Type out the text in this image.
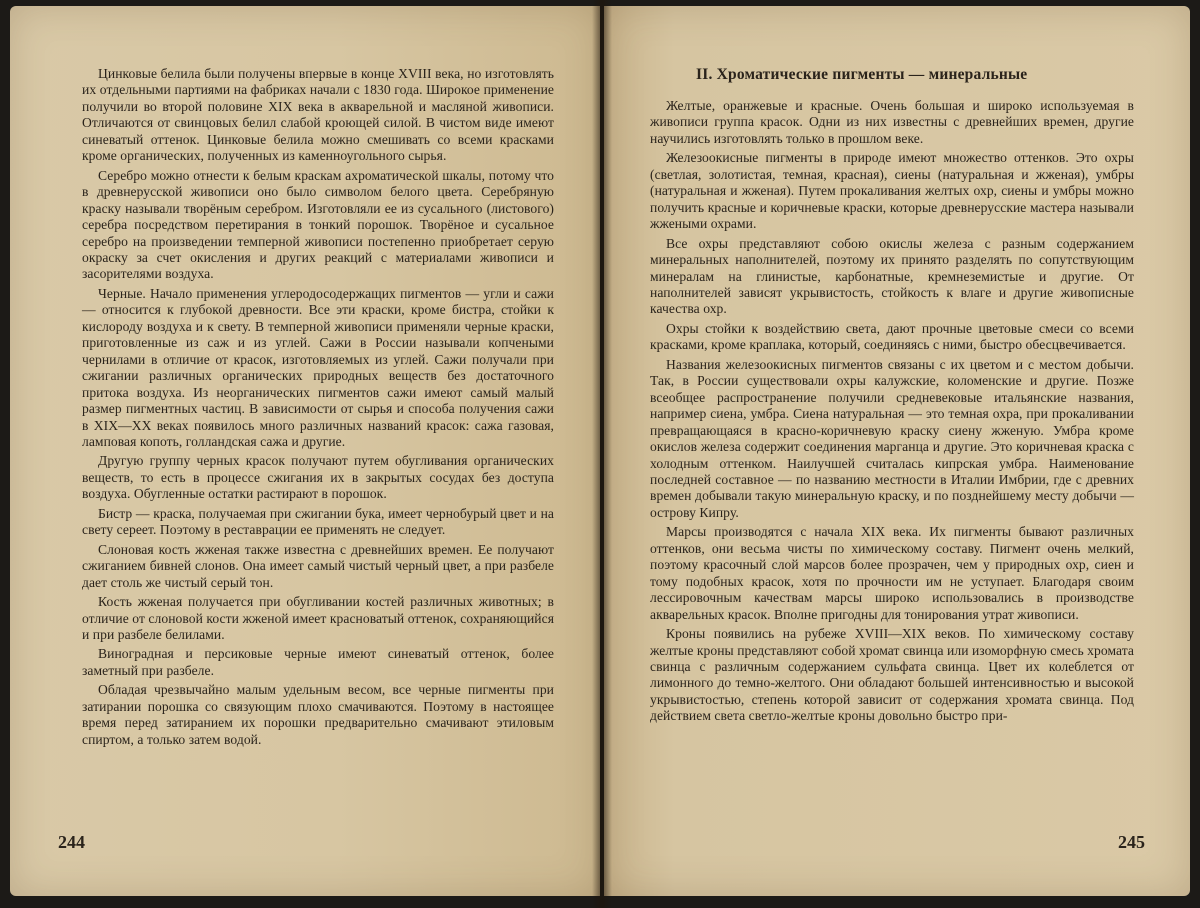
Цинковые белила были получены впервые в конце XVIII века, но изготовлять их отдельными партиями на фабриках начали с 1830 года. Широкое применение получили во второй половине XIX века в акварельной и масляной живописи. Отличаются от свинцовых белил слабой кроющей силой. В чистом виде имеют синеватый оттенок. Цинковые белила можно смешивать со всеми красками кроме органических, полученных из каменноугольного сырья.

Серебро можно отнести к белым краскам ахроматической шкалы, потому что в древнерусской живописи оно было символом белого цвета. Серебряную краску называли творёным серебром. Изготовляли ее из сусального (листового) серебра посредством перетирания в тонкий порошок. Творёное и сусальное серебро на произведении темперной живописи постепенно приобретает серую окраску за счет окисления и других реакций с материалами живописи и засорителями воздуха.

Черные. Начало применения углеродосодержащих пигментов — угли и сажи — относится к глубокой древности. Все эти краски, кроме бистра, стойки к кислороду воздуха и к свету. В темперной живописи применяли черные краски, приготовленные из саж и из углей. Сажи в России называли копчеными чернилами в отличие от красок, изготовляемых из углей. Сажи получали при сжигании различных органических природных веществ без достаточного притока воздуха. Из неорганических пигментов сажи имеют самый малый размер пигментных частиц. В зависимости от сырья и способа получения сажи в XIX—XX веках появилось много различных названий красок: сажа газовая, ламповая копоть, голландская сажа и другие.

Другую группу черных красок получают путем обугливания органических веществ, то есть в процессе сжигания их в закрытых сосудах без доступа воздуха. Обугленные остатки растирают в порошок.

Бистр — краска, получаемая при сжигании бука, имеет чернобурый цвет и на свету сереет. Поэтому в реставрации ее применять не следует.

Слоновая кость жженая также известна с древнейших времен. Ее получают сжиганием бивней слонов. Она имеет самый чистый черный цвет, а при разбеле дает столь же чистый серый тон.

Кость жженая получается при обугливании костей различных животных; в отличие от слоновой кости жженой имеет красноватый оттенок, сохраняющийся и при разбеле белилами.

Виноградная и персиковые черные имеют синеватый оттенок, более заметный при разбеле.

Обладая чрезвычайно малым удельным весом, все черные пигменты при затирании порошка со связующим плохо смачиваются. Поэтому в настоящее время перед затиранием их порошки предварительно смачивают этиловым спиртом, а только затем водой.

244
II. Хроматические пигменты — минеральные

Желтые, оранжевые и красные. Очень большая и широко используемая в живописи группа красок. Одни из них известны с древнейших времен, другие научились изготовлять только в прошлом веке.

Железоокисные пигменты в природе имеют множество оттенков. Это охры (светлая, золотистая, темная, красная), сиены (натуральная и жженая), умбры (натуральная и жженая). Путем прокаливания желтых охр, сиены и умбры можно получить красные и коричневые краски, которые древнерусские мастера называли жжеными охрами.

Все охры представляют собою окислы железа с разным содержанием минеральных наполнителей, поэтому их принято разделять по сопутствующим минералам на глинистые, карбонатные, кремнеземистые и другие. От наполнителей зависят укрывистость, стойкость к влаге и другие живописные качества охр.

Охры стойки к воздействию света, дают прочные цветовые смеси со всеми красками, кроме краплака, который, соединяясь с ними, быстро обесцвечивается.

Названия железоокисных пигментов связаны с их цветом и с местом добычи. Так, в России существовали охры калужские, коломенские и другие. Позже всеобщее распространение получили средневековые итальянские названия, например сиена, умбра. Сиена натуральная — это темная охра, при прокаливании превращающаяся в красно-коричневую краску сиену жженую. Умбра кроме окислов железа содержит соединения марганца и другие. Это коричневая краска с холодным оттенком. Наилучшей считалась кипрская умбра. Наименование последней составное — по названию местности в Италии Имбрии, где с древних времен добывали такую минеральную краску, и по позднейшему месту добычи — острову Кипру.

Марсы производятся с начала XIX века. Их пигменты бывают различных оттенков, они весьма чисты по химическому составу. Пигмент очень мелкий, поэтому красочный слой марсов более прозрачен, чем у природных охр, сиен и тому подобных красок, хотя по прочности им не уступает. Благодаря своим лессировочным качествам марсы широко использовались в производстве акварельных красок. Вполне пригодны для тонирования утрат живописи.

Кроны появились на рубеже XVIII—XIX веков. По химическому составу желтые кроны представляют собой хромат свинца или изоморфную смесь хромата свинца с различным содержанием сульфата свинца. Цвет их колеблется от лимонного до темно-желтого. Они обладают большей интенсивностью и высокой укрывистостью, степень которой зависит от содержания хромата свинца. Под действием света светло-желтые кроны довольно быстро при-

245
